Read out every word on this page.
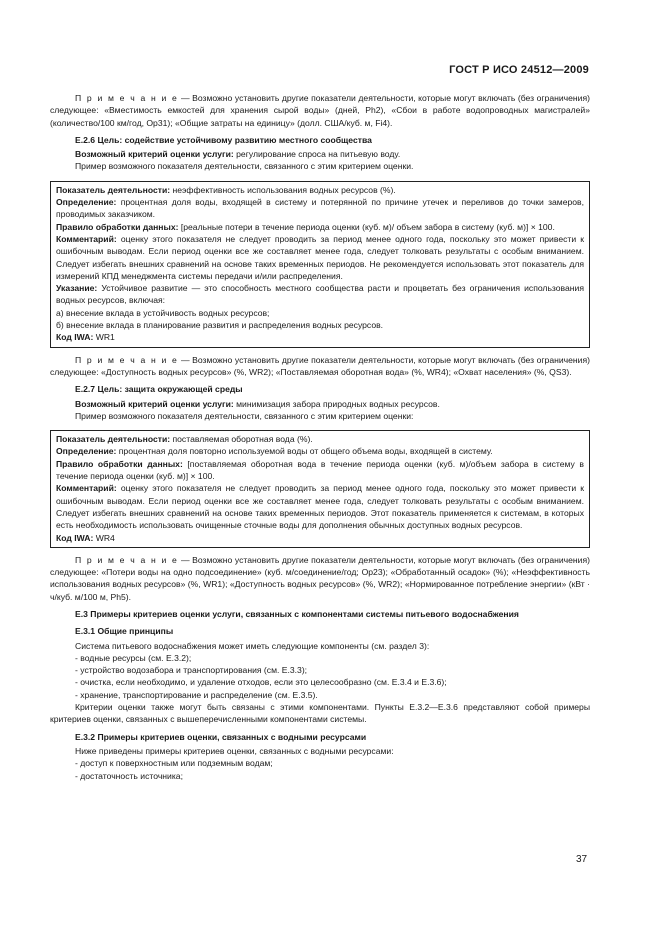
ГОСТ Р ИСО 24512—2009

П р и м е ч а н и е — Возможно установить другие показатели деятельности, которые могут включать (без ограничения) следующее: «Вместимость емкостей для хранения сырой воды» (дней, Ph2), «Сбои в работе водопроводных магистралей» (количество/100 км/год, Op31); «Общие затраты на единицу» (долл. США/куб. м, Fi4).

Е.2.6 Цель: содействие устойчивому развитию местного сообщества

Возможный критерий оценки услуги: регулирование спроса на питьевую воду.

Пример возможного показателя деятельности, связанного с этим критерием оценки.

Показатель деятельности: неэффективность использования водных ресурсов (%).

Определение: процентная доля воды, входящей в систему и потерянной по причине утечек и переливов до точки замеров, проводимых заказчиком.

Правило обработки данных: [реальные потери в течение периода оценки (куб. м)/ объем забора в систему (куб. м)] × 100.

Комментарий: оценку этого показателя не следует проводить за период менее одного года, поскольку это может привести к ошибочным выводам. Если период оценки все же составляет менее года, следует толковать результаты с особым вниманием. Следует избегать внешних сравнений на основе таких временных периодов. Не рекомендуется использовать этот показатель для измерений КПД менеджмента системы передачи и/или распределения.

Указание: Устойчивое развитие — это способность местного сообщества расти и процветать без ограничения использования водных ресурсов, включая:

а) внесение вклада в устойчивость водных ресурсов;

б) внесение вклада в планирование развития и распределения водных ресурсов.

Код IWA: WR1

П р и м е ч а н и е — Возможно установить другие показатели деятельности, которые могут включать (без ограничения) следующее: «Доступность водных ресурсов» (%, WR2); «Поставляемая оборотная вода» (%, WR4); «Охват населения» (%, QS3).

Е.2.7 Цель: защита окружающей среды

Возможный критерий оценки услуги: минимизация забора природных водных ресурсов.

Пример возможного показателя деятельности, связанного с этим критерием оценки:

Показатель деятельности: поставляемая оборотная вода (%).

Определение: процентная доля повторно используемой воды от общего объема воды, входящей в систему.

Правило обработки данных: [поставляемая оборотная вода в течение периода оценки (куб. м)/объем забора в систему в течение периода оценки (куб. м)] × 100.

Комментарий: оценку этого показателя не следует проводить за период менее одного года, поскольку это может привести к ошибочным выводам. Если период оценки все же составляет менее года, следует толковать результаты с особым вниманием. Следует избегать внешних сравнений на основе таких временных периодов. Этот показатель применяется к системам, в которых есть необходимость использовать очищенные сточные воды для дополнения обычных доступных водных ресурсов.

Код IWA: WR4

П р и м е ч а н и е — Возможно установить другие показатели деятельности, которые могут включать (без ограничения) следующее: «Потери воды на одно подсоединение» (куб. м/соединение/год; Op23); «Обработанный осадок» (%); «Неэффективность использования водных ресурсов» (%, WR1); «Доступность водных ресурсов» (%, WR2); «Нормированное потребление энергии» (кВт · ч/куб. м/100 м, Ph5).

Е.3 Примеры критериев оценки услуги, связанных с компонентами системы питьевого водоснабжения

Е.3.1 Общие принципы

Система питьевого водоснабжения может иметь следующие компоненты (см. раздел 3):

- водные ресурсы (см. Е.3.2);

- устройство водозабора и транспортирования (см. Е.3.3);

- очистка, если необходимо, и удаление отходов, если это целесообразно (см. Е.3.4 и Е.3.6);

- хранение, транспортирование и распределение (см. Е.3.5).

Критерии оценки также могут быть связаны с этими компонентами. Пункты Е.3.2—Е.3.6 представляют собой примеры критериев оценки, связанных с вышеперечисленными компонентами системы.

Е.3.2 Примеры критериев оценки, связанных с водными ресурсами

Ниже приведены примеры критериев оценки, связанных с водными ресурсами:

- доступ к поверхностным или подземным водам;

- достаточность источника;

37
